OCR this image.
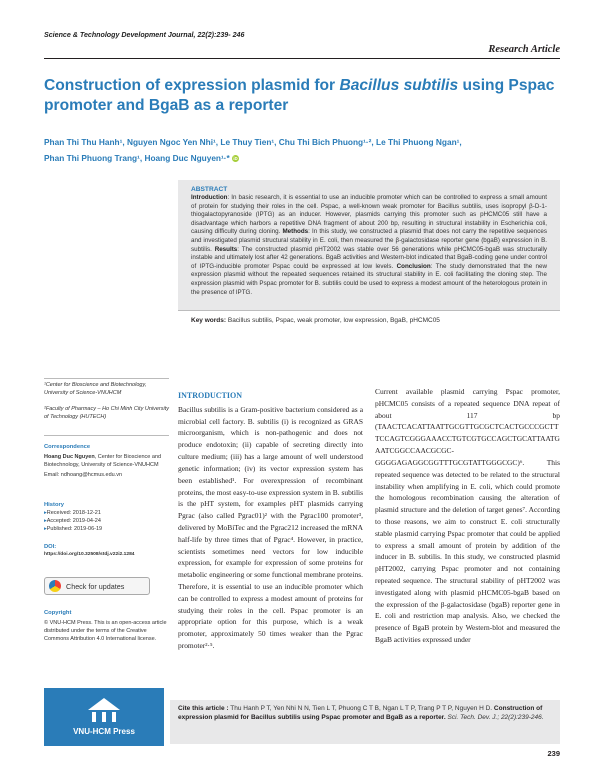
Science & Technology Development Journal, 22(2):239- 246
Research Article
Construction of expression plasmid for Bacillus subtilis using Pspac promoter and BgaB as a reporter
Phan Thi Thu Hanh¹, Nguyen Ngoc Yen Nhi¹, Le Thuy Tien¹, Chu Thi Bich Phuong¹·², Le Thi Phuong Ngan¹,
Phan Thi Phuong Trang¹, Hoang Duc Nguyen¹·* iD
ABSTRACT
Introduction: In basic research, it is essential to use an inducible promoter which can be controlled to express a small amount of protein for studying their roles in the cell. Pspac, a well-known weak promoter for Bacillus subtilis, uses isopropyl β-D-1-thiogalactopyranoside (IPTG) as an inducer. However, plasmids carrying this promoter such as pHCMC05 still have a disadvantage which harbors a repetitive DNA fragment of about 200 bp, resulting in structural instability in Escherichia coli, causing difficulty during cloning. Methods: In this study, we constructed a plasmid that does not carry the repetitive sequences and investigated plasmid structural stability in E. coli, then measured the β-galactosidase reporter gene (bgaB) expression in B. subtilis. Results: The constructed plasmid pHT2002 was stable over 56 generations while pHCMC05-bgaB was structurally instable and ultimately lost after 42 generations. BgaB activities and Western-blot indicated that BgaB-coding gene under control of IPTG-inducible promoter Pspac could be expressed at low levels. Conclusion: The study demonstrated that the new expression plasmid without the repeated sequences retained its structural stability in E. coli facilitating the cloning step. The expression plasmid with Pspac promoter for B. subtilis could be used to express a modest amount of the heterologous protein in the presence of IPTG.
Key words: Bacillus subtilis, Pspac, weak promoter, low expression, BgaB, pHCMC05
¹Center for Bioscience and Biotechnology, University of Science-VNUHCM
²Faculty of Pharmacy – Ho Chi Minh City University of Technology (HUTECH)
Correspondence
Hoang Duc Nguyen, Center for Bioscience and Biotechnology, University of Science-VNUHCM
Email: ndhoang@hcmus.edu.vn
History
▸ Received: 2018-12-21
▸ Accepted: 2019-04-24
▸ Published: 2019-06-19
DOI:
https://doi.org/10.32508/stdj.v22i2.1284
Check for updates
Copyright
© VNU-HCM Press. This is an open-access article distributed under the terms of the Creative Commons Attribution 4.0 International license.
VNU-HCM Press
INTRODUCTION

Bacillus subtilis is a Gram-positive bacterium considered as a microbial cell factory. B. subtilis (i) is recognized as GRAS microorganism, which is non-pathogenic and does not produce endotoxin; (ii) capable of secreting directly into culture medium; (iii) has a large amount of well understood genetic information; (iv) its vector expression system has been established¹. For overexpression of recombinant proteins, the most easy-to-use expression system in B. subtilis is the pHT system, for examples pHT plasmids carrying Pgrac (also called Pgrac01)² with the Pgrac100 promoter³, delivered by MoBiTec and the Pgrac212 increased the mRNA half-life by three times that of Pgrac⁴. However, in practice, scientists sometimes need vectors for low inducible expression, for example for expression of some proteins for metabolic engineering or some functional membrane proteins. Therefore, it is essential to use an inducible promoter which can be controlled to express a modest amount of proteins for studying their roles in the cell. Pspac promoter is an appropriate option for this purpose, which is a weak promoter, approximately 50 times weaker than the Pgrac promoter²·⁵.

Current available plasmid carrying Pspac promoter, pHCMC05 consists of a repeated sequence DNA repeat of about 117 bp (TAACTCACATTAATTGCGTTGCGCTCACTGCCCGCTTTCCAGTCGGGAAACCTGTCGTGCCAGCTGCATTAATGAATCGGCCAACGCGC-GGGGAGAGGCGGTTTGCGTATTGGGCGC)⁶. This repeated sequence was detected to be related to the structural instability when amplifying in E. coli, which could promote the homologous recombination causing the alteration of plasmid structure and the deletion of target genes⁷. According to those reasons, we aim to construct E. coli structurally stable plasmid carrying Pspac promoter that could be applied to express a small amount of protein by addition of the inducer in B. subtilis. In this study, we constructed plasmid pHT2002, carrying Pspac promoter and not containing repeated sequence. The structural stability of pHT2002 was investigated along with plasmid pHCMC05-bgaB based on the expression of the β-galactosidase (bgaB) reporter gene in E. coli and restriction map analysis. Also, we checked the presence of BgaB protein by Western-blot and measured the BgaB activities expressed under

Cite this article : Thu Hanh P T, Yen Nhi N N, Tien L T, Phuong C T B, Ngan L T P, Trang P T P, Nguyen H D. Construction of expression plasmid for Bacillus subtilis using Pspac promoter and BgaB as a reporter. Sci. Tech. Dev. J.; 22(2):239-246.
239
